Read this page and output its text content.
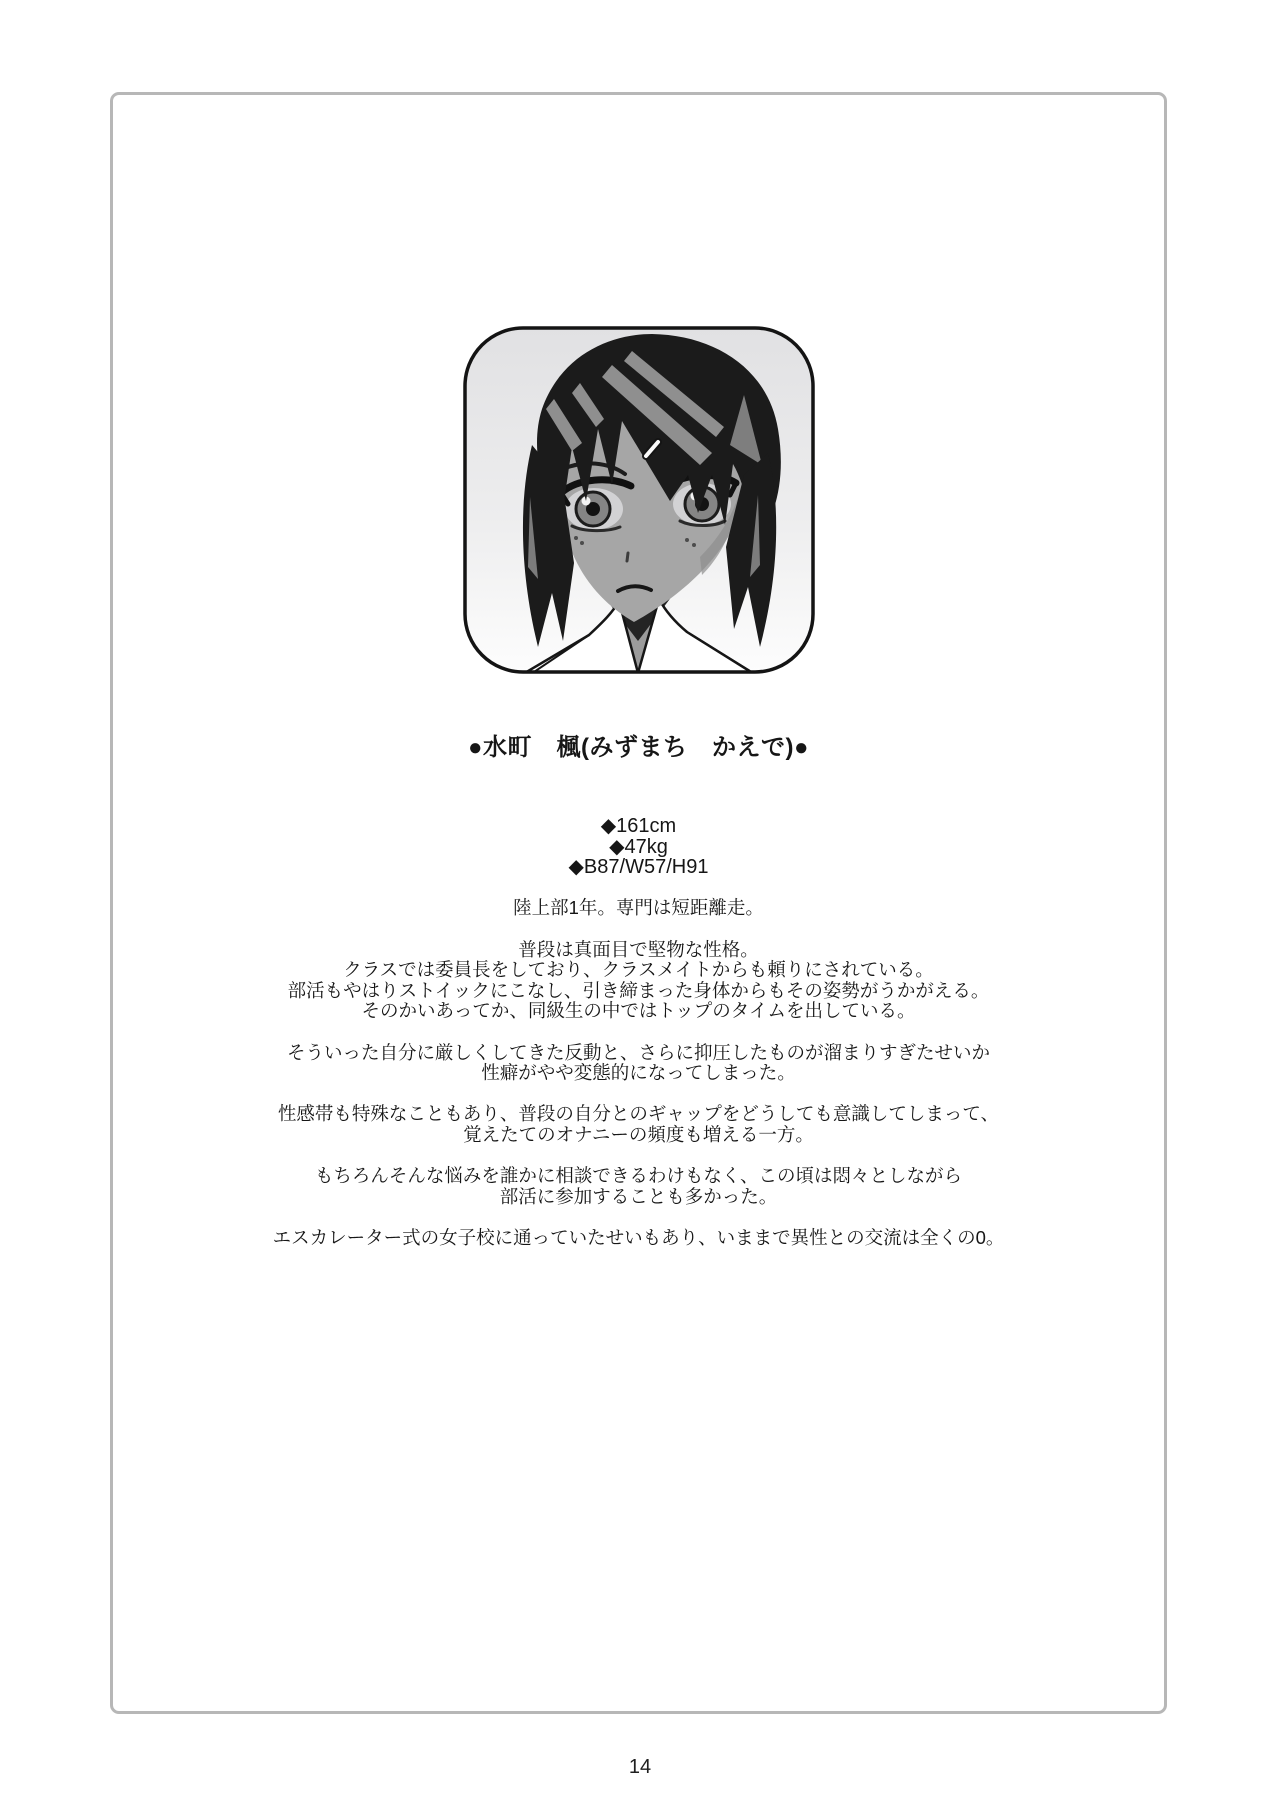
●水町　楓(みずまち　かえで)●
◆161cm
◆47kg
◆B87/W57/H91

陸上部1年。専門は短距離走。

普段は真面目で堅物な性格。
クラスでは委員長をしており、クラスメイトからも頼りにされている。
部活もやはりストイックにこなし、引き締まった身体からもその姿勢がうかがえる。
そのかいあってか、同級生の中ではトップのタイムを出している。

そういった自分に厳しくしてきた反動と、さらに抑圧したものが溜まりすぎたせいか
性癖がやや変態的になってしまった。

性感帯も特殊なこともあり、普段の自分とのギャップをどうしても意識してしまって、
覚えたてのオナニーの頻度も増える一方。

もちろんそんな悩みを誰かに相談できるわけもなく、この頃は悶々としながら
部活に参加することも多かった。

エスカレーター式の女子校に通っていたせいもあり、いままで異性との交流は全くの0。

14
